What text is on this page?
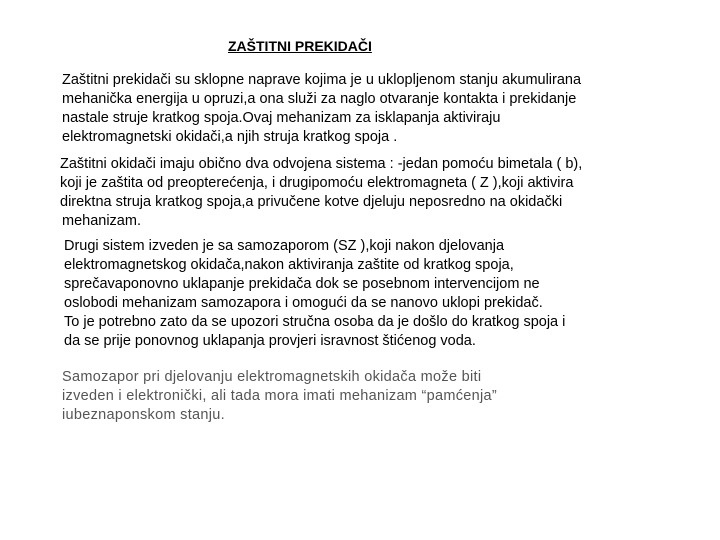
ZAŠTITNI PREKIDAČI

Zaštitni prekidači su sklopne naprave kojima je u uklopljenom stanju akumulirana
mehanička energija u opruzi,a ona služi za naglo otvaranje kontakta i prekidanje
nastale struje kratkog spoja.Ovaj mehanizam za isklapanja aktiviraju
elektromagnetski okidači,a njih struja kratkog spoja .

Zaštitni okidači imaju obično dva odvojena sistema : -jedan pomoću bimetala ( b),
koji je zaštita od preopterećenja, i drugipomoću elektromagneta ( Z ),koji aktivira
direktna struja kratkog spoja,a privučene kotve djeluju neposredno na okidački
mehanizam.

Drugi sistem izveden je sa samozaporom (SZ ),koji nakon djelovanja
elektromagnetskog okidača,nakon aktiviranja zaštite od kratkog spoja,
sprečavaponovno uklapanje prekidača dok se posebnom intervencijom ne
oslobodi mehanizam samozapora i omogući da se nanovo uklopi prekidač.
To je potrebno zato da se upozori stručna osoba da je došlo do kratkog spoja i
da se prije ponovnog uklapanja provjeri isravnost štićenog voda.

Samozapor pri djelovanju elektromagnetskih okidača može biti
izveden i elektronički, ali tada mora imati mehanizam “pamćenja”
iubeznaponskom stanju.
